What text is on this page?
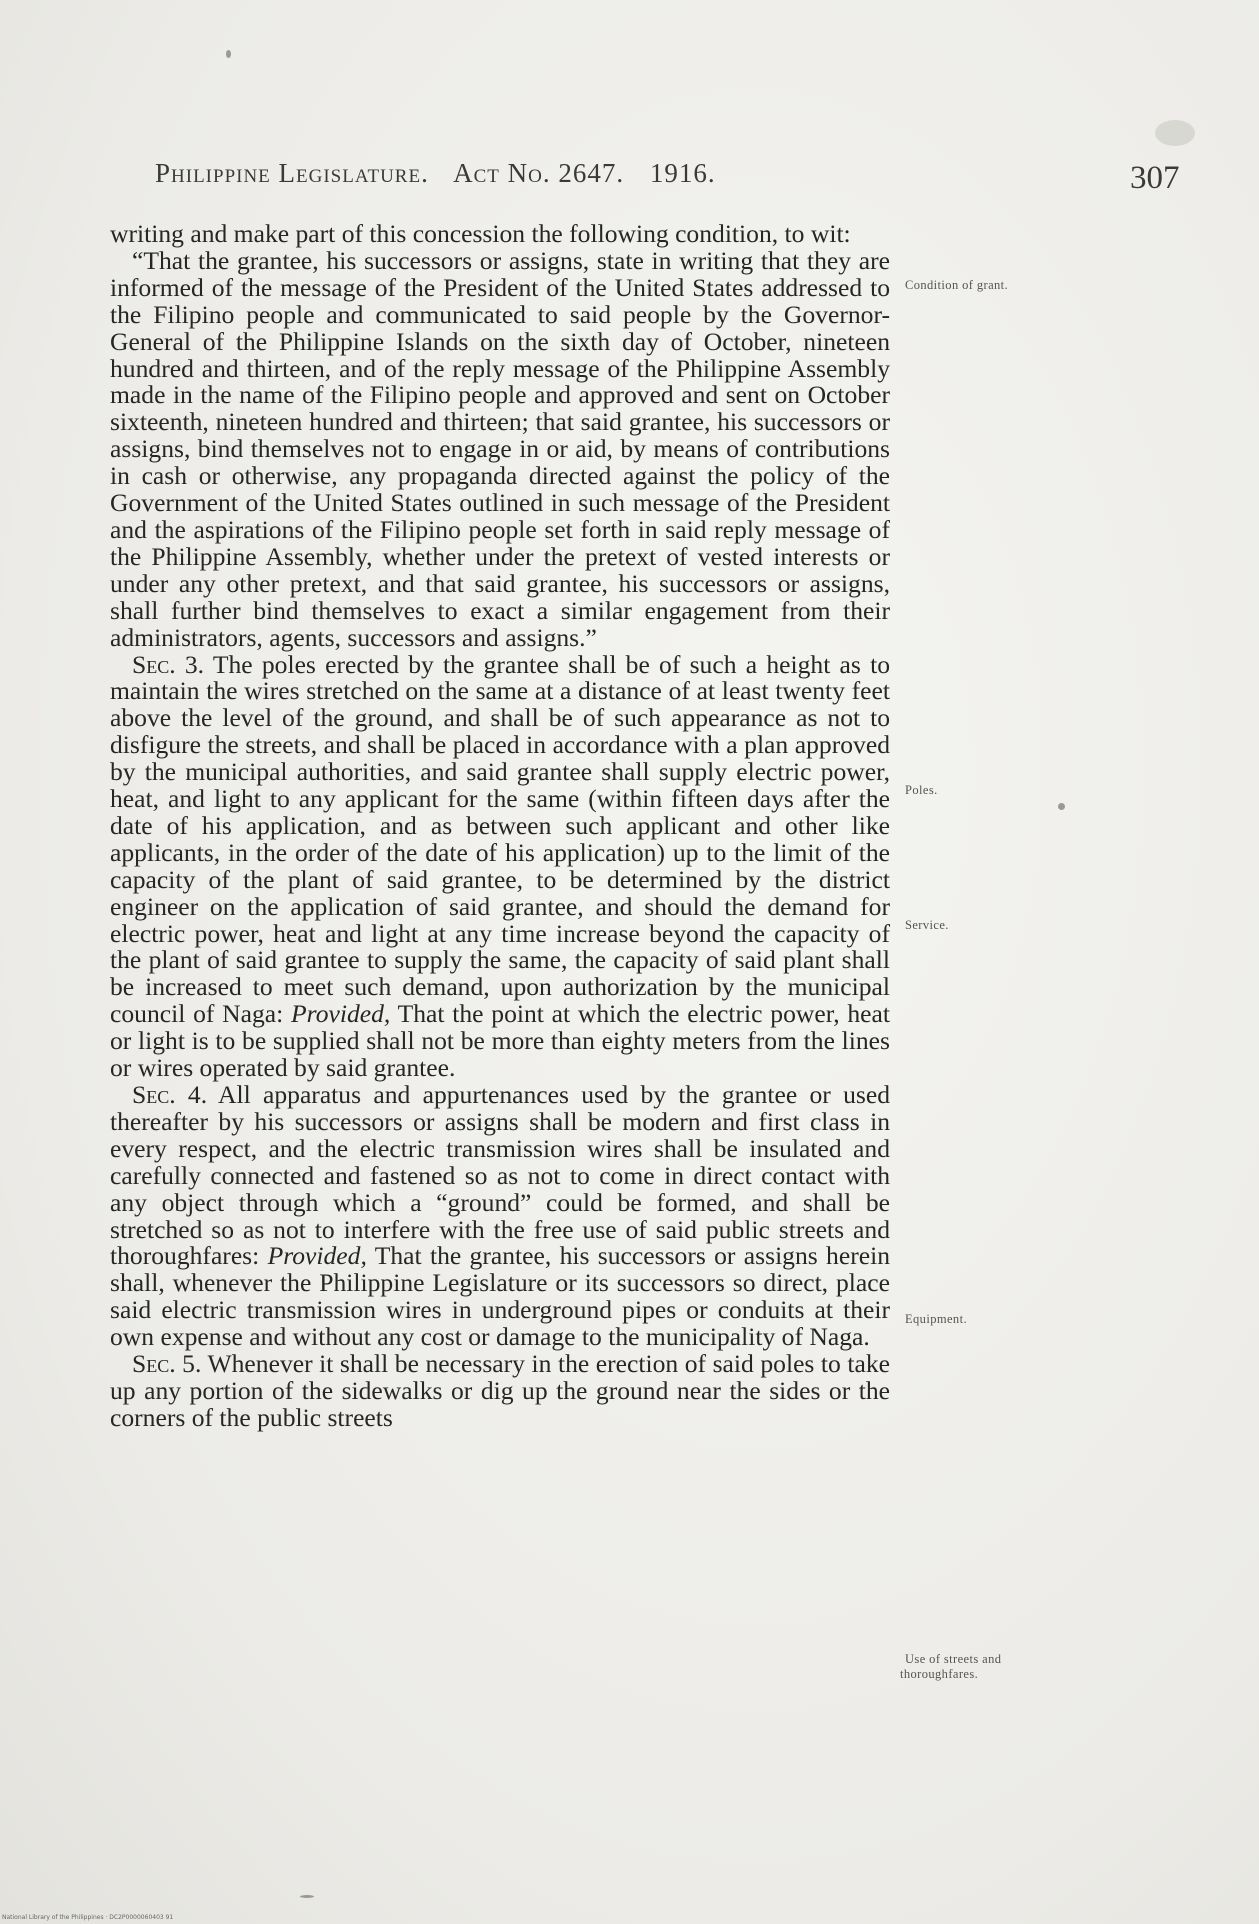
Philippine Legislature. Act No. 2647. 1916.	307

writing and make part of this concession the following condition, to wit:

“That the grantee, his successors or assigns, state in writing that they are informed of the message of the President of the United States addressed to the Filipino people and communicated to said people by the Governor-General of the Philippine Islands on the sixth day of October, nineteen hundred and thirteen, and of the reply message of the Philippine Assembly made in the name of the Filipino people and approved and sent on October sixteenth, nineteen hundred and thirteen; that said grantee, his successors or assigns, bind themselves not to engage in or aid, by means of contributions in cash or otherwise, any propaganda directed against the policy of the Government of the United States outlined in such message of the President and the aspirations of the Filipino people set forth in said reply message of the Philippine Assembly, whether under the pretext of vested interests or under any other pretext, and that said grantee, his successors or assigns, shall further bind themselves to exact a similar engagement from their administrators, agents, successors and assigns.”

Sec. 3. The poles erected by the grantee shall be of such a height as to maintain the wires stretched on the same at a distance of at least twenty feet above the level of the ground, and shall be of such appearance as not to disfigure the streets, and shall be placed in accordance with a plan approved by the municipal authorities, and said grantee shall supply electric power, heat, and light to any applicant for the same (within fifteen days after the date of his application, and as between such applicant and other like applicants, in the order of the date of his application) up to the limit of the capacity of the plant of said grantee, to be determined by the district engineer on the application of said grantee, and should the demand for electric power, heat and light at any time increase beyond the capacity of the plant of said grantee to supply the same, the capacity of said plant shall be increased to meet such demand, upon authorization by the municipal council of Naga: Provided, That the point at which the electric power, heat or light is to be supplied shall not be more than eighty meters from the lines or wires operated by said grantee.

Sec. 4. All apparatus and appurtenances used by the grantee or used thereafter by his successors or assigns shall be modern and first class in every respect, and the electric transmission wires shall be insulated and carefully connected and fastened so as not to come in direct contact with any object through which a “ground” could be formed, and shall be stretched so as not to interfere with the free use of said public streets and thoroughfares: Provided, That the grantee, his successors or assigns herein shall, whenever the Philippine Legislature or its successors so direct, place said electric transmission wires in underground pipes or conduits at their own expense and without any cost or damage to the municipality of Naga.

Sec. 5. Whenever it shall be necessary in the erection of said poles to take up any portion of the sidewalks or dig up the ground near the sides or the corners of the public streets

Condition of grant.
Poles.
Service.
Equipment.
Use of streets and
thoroughfares.
National Library of the Philippines · DC2P0000060403 91
